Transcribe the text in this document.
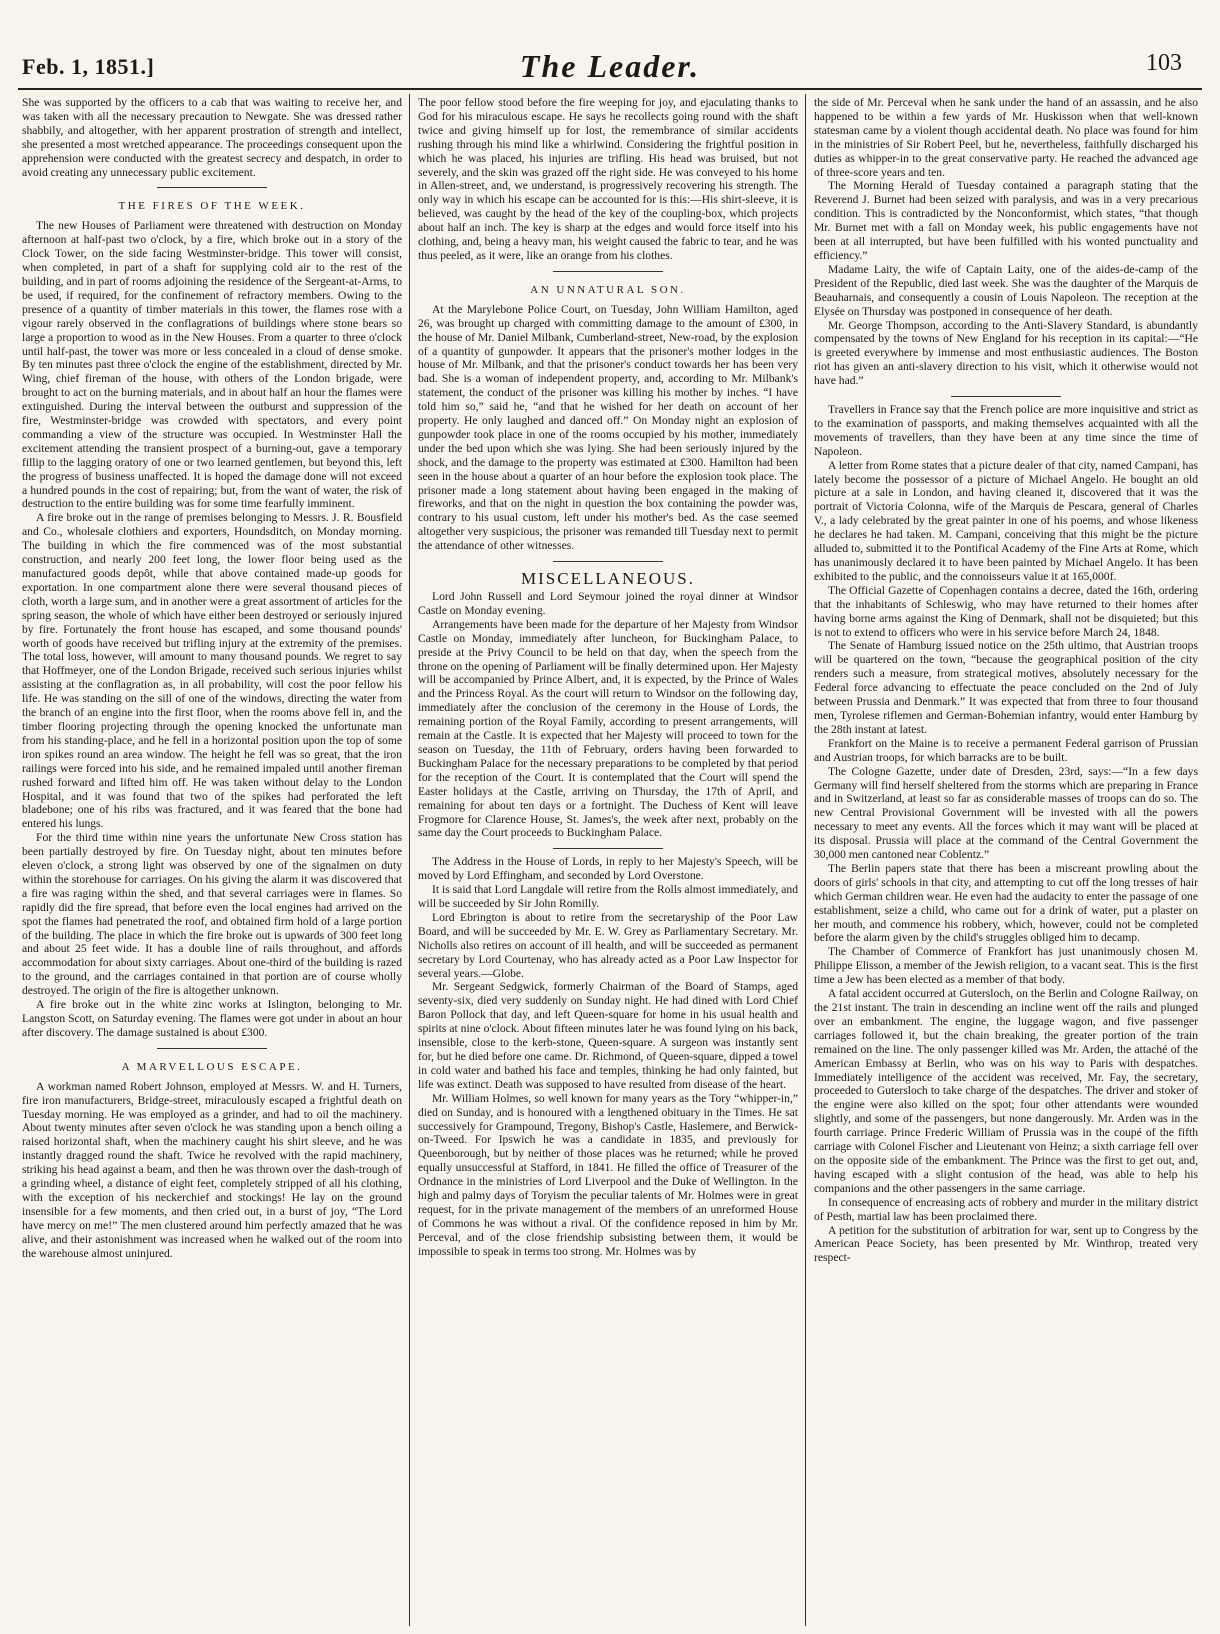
Feb. 1, 1851.]	The Leader.	103

She was supported by the officers to a cab that was waiting to receive her, and was taken with all the necessary precaution to Newgate. She was dressed rather shabbily, and altogether, with her apparent prostration of strength and intellect, she presented a most wretched appearance. The proceedings consequent upon the apprehension were conducted with the greatest secrecy and despatch, in order to avoid creating any unnecessary public excitement.

THE FIRES OF THE WEEK.

The new Houses of Parliament were threatened with destruction on Monday afternoon at half-past two o'clock, by a fire, which broke out in a story of the Clock Tower, on the side facing Westminster-bridge. This tower will consist, when completed, in part of a shaft for supplying cold air to the rest of the building, and in part of rooms adjoining the residence of the Sergeant-at-Arms, to be used, if required, for the confinement of refractory members. Owing to the presence of a quantity of timber materials in this tower, the flames rose with a vigour rarely observed in the conflagrations of buildings where stone bears so large a proportion to wood as in the New Houses. From a quarter to three o'clock until half-past, the tower was more or less concealed in a cloud of dense smoke. By ten minutes past three o'clock the engine of the establishment, directed by Mr. Wing, chief fireman of the house, with others of the London brigade, were brought to act on the burning materials, and in about half an hour the flames were extinguished. During the interval between the outburst and suppression of the fire, Westminster-bridge was crowded with spectators, and every point commanding a view of the structure was occupied. In Westminster Hall the excitement attending the transient prospect of a burning-out, gave a temporary fillip to the lagging oratory of one or two learned gentlemen, but beyond this, left the progress of business unaffected. It is hoped the damage done will not exceed a hundred pounds in the cost of repairing; but, from the want of water, the risk of destruction to the entire building was for some time fearfully imminent.

A fire broke out in the range of premises belonging to Messrs. J. R. Bousfield and Co., wholesale clothiers and exporters, Houndsditch, on Monday morning. The building in which the fire commenced was of the most substantial construction, and nearly 200 feet long, the lower floor being used as the manufactured goods depôt, while that above contained made-up goods for exportation. In one compartment alone there were several thousand pieces of cloth, worth a large sum, and in another were a great assortment of articles for the spring season, the whole of which have either been destroyed or seriously injured by fire. Fortunately the front house has escaped, and some thousand pounds' worth of goods have received but trifling injury at the extremity of the premises. The total loss, however, will amount to many thousand pounds. We regret to say that Hoffmeyer, one of the London Brigade, received such serious injuries whilst assisting at the conflagration as, in all probability, will cost the poor fellow his life. He was standing on the sill of one of the windows, directing the water from the branch of an engine into the first floor, when the rooms above fell in, and the timber flooring projecting through the opening knocked the unfortunate man from his standing-place, and he fell in a horizontal position upon the top of some iron spikes round an area window. The height he fell was so great, that the iron railings were forced into his side, and he remained impaled until another fireman rushed forward and lifted him off. He was taken without delay to the London Hospital, and it was found that two of the spikes had perforated the left bladebone; one of his ribs was fractured, and it was feared that the bone had entered his lungs.

For the third time within nine years the unfortunate New Cross station has been partially destroyed by fire. On Tuesday night, about ten minutes before eleven o'clock, a strong light was observed by one of the signalmen on duty within the storehouse for carriages. On his giving the alarm it was discovered that a fire was raging within the shed, and that several carriages were in flames. So rapidly did the fire spread, that before even the local engines had arrived on the spot the flames had penetrated the roof, and obtained firm hold of a large portion of the building. The place in which the fire broke out is upwards of 300 feet long and about 25 feet wide. It has a double line of rails throughout, and affords accommodation for about sixty carriages. About one-third of the building is razed to the ground, and the carriages contained in that portion are of course wholly destroyed. The origin of the fire is altogether unknown.

A fire broke out in the white zinc works at Islington, belonging to Mr. Langston Scott, on Saturday evening. The flames were got under in about an hour after discovery. The damage sustained is about £300.

A MARVELLOUS ESCAPE.

A workman named Robert Johnson, employed at Messrs. W. and H. Turners, fire iron manufacturers, Bridge-street, miraculously escaped a frightful death on Tuesday morning. He was employed as a grinder, and had to oil the machinery. About twenty minutes after seven o'clock he was standing upon a bench oiling a raised horizontal shaft, when the machinery caught his shirt sleeve, and he was instantly dragged round the shaft. Twice he revolved with the rapid machinery, striking his head against a beam, and then he was thrown over the dash-trough of a grinding wheel, a distance of eight feet, completely stripped of all his clothing, with the exception of his neckerchief and stockings! He lay on the ground insensible for a few moments, and then cried out, in a burst of joy, “The Lord have mercy on me!” The men clustered around him perfectly amazed that he was alive, and their astonishment was increased when he walked out of the room into the warehouse almost uninjured.

The poor fellow stood before the fire weeping for joy, and ejaculating thanks to God for his miraculous escape. He says he recollects going round with the shaft twice and giving himself up for lost, the remembrance of similar accidents rushing through his mind like a whirlwind. Considering the frightful position in which he was placed, his injuries are trifling. His head was bruised, but not severely, and the skin was grazed off the right side. He was conveyed to his home in Allen-street, and, we understand, is progressively recovering his strength. The only way in which his escape can be accounted for is this:—His shirt-sleeve, it is believed, was caught by the head of the key of the coupling-box, which projects about half an inch. The key is sharp at the edges and would force itself into his clothing, and, being a heavy man, his weight caused the fabric to tear, and he was thus peeled, as it were, like an orange from his clothes.

AN UNNATURAL SON.

At the Marylebone Police Court, on Tuesday, John William Hamilton, aged 26, was brought up charged with committing damage to the amount of £300, in the house of Mr. Daniel Milbank, Cumberland-street, New-road, by the explosion of a quantity of gunpowder. It appears that the prisoner's mother lodges in the house of Mr. Milbank, and that the prisoner's conduct towards her has been very bad. She is a woman of independent property, and, according to Mr. Milbank's statement, the conduct of the prisoner was killing his mother by inches. “I have told him so,” said he, “and that he wished for her death on account of her property. He only laughed and danced off.” On Monday night an explosion of gunpowder took place in one of the rooms occupied by his mother, immediately under the bed upon which she was lying. She had been seriously injured by the shock, and the damage to the property was estimated at £300. Hamilton had been seen in the house about a quarter of an hour before the explosion took place. The prisoner made a long statement about having been engaged in the making of fireworks, and that on the night in question the box containing the powder was, contrary to his usual custom, left under his mother's bed. As the case seemed altogether very suspicious, the prisoner was remanded till Tuesday next to permit the attendance of other witnesses.

MISCELLANEOUS.

Lord John Russell and Lord Seymour joined the royal dinner at Windsor Castle on Monday evening.

Arrangements have been made for the departure of her Majesty from Windsor Castle on Monday, immediately after luncheon, for Buckingham Palace, to preside at the Privy Council to be held on that day, when the speech from the throne on the opening of Parliament will be finally determined upon. Her Majesty will be accompanied by Prince Albert, and, it is expected, by the Prince of Wales and the Princess Royal. As the court will return to Windsor on the following day, immediately after the conclusion of the ceremony in the House of Lords, the remaining portion of the Royal Family, according to present arrangements, will remain at the Castle. It is expected that her Majesty will proceed to town for the season on Tuesday, the 11th of February, orders having been forwarded to Buckingham Palace for the necessary preparations to be completed by that period for the reception of the Court. It is contemplated that the Court will spend the Easter holidays at the Castle, arriving on Thursday, the 17th of April, and remaining for about ten days or a fortnight. The Duchess of Kent will leave Frogmore for Clarence House, St. James's, the week after next, probably on the same day the Court proceeds to Buckingham Palace.

The Address in the House of Lords, in reply to her Majesty's Speech, will be moved by Lord Effingham, and seconded by Lord Overstone.

It is said that Lord Langdale will retire from the Rolls almost immediately, and will be succeeded by Sir John Romilly.

Lord Ebrington is about to retire from the secretaryship of the Poor Law Board, and will be succeeded by Mr. E. W. Grey as Parliamentary Secretary. Mr. Nicholls also retires on account of ill health, and will be succeeded as permanent secretary by Lord Courtenay, who has already acted as a Poor Law Inspector for several years.—Globe.

Mr. Sergeant Sedgwick, formerly Chairman of the Board of Stamps, aged seventy-six, died very suddenly on Sunday night. He had dined with Lord Chief Baron Pollock that day, and left Queen-square for home in his usual health and spirits at nine o'clock. About fifteen minutes later he was found lying on his back, insensible, close to the kerb-stone, Queen-square. A surgeon was instantly sent for, but he died before one came. Dr. Richmond, of Queen-square, dipped a towel in cold water and bathed his face and temples, thinking he had only fainted, but life was extinct. Death was supposed to have resulted from disease of the heart.

Mr. William Holmes, so well known for many years as the Tory “whipper-in,” died on Sunday, and is honoured with a lengthened obituary in the Times. He sat successively for Grampound, Tregony, Bishop's Castle, Haslemere, and Berwick-on-Tweed. For Ipswich he was a candidate in 1835, and previously for Queenborough, but by neither of those places was he returned; while he proved equally unsuccessful at Stafford, in 1841. He filled the office of Treasurer of the Ordnance in the ministries of Lord Liverpool and the Duke of Wellington. In the high and palmy days of Toryism the peculiar talents of Mr. Holmes were in great request, for in the private management of the members of an unreformed House of Commons he was without a rival. Of the confidence reposed in him by Mr. Perceval, and of the close friendship subsisting between them, it would be impossible to speak in terms too strong. Mr. Holmes was by

the side of Mr. Perceval when he sank under the hand of an assassin, and he also happened to be within a few yards of Mr. Huskisson when that well-known statesman came by a violent though accidental death. No place was found for him in the ministries of Sir Robert Peel, but he, nevertheless, faithfully discharged his duties as whipper-in to the great conservative party. He reached the advanced age of three-score years and ten.

The Morning Herald of Tuesday contained a paragraph stating that the Reverend J. Burnet had been seized with paralysis, and was in a very precarious condition. This is contradicted by the Nonconformist, which states, “that though Mr. Burnet met with a fall on Monday week, his public engagements have not been at all interrupted, but have been fulfilled with his wonted punctuality and efficiency.”

Madame Laity, the wife of Captain Laity, one of the aides-de-camp of the President of the Republic, died last week. She was the daughter of the Marquis de Beauharnais, and consequently a cousin of Louis Napoleon. The reception at the Elysée on Thursday was postponed in consequence of her death.

Mr. George Thompson, according to the Anti-Slavery Standard, is abundantly compensated by the towns of New England for his reception in its capital:—“He is greeted everywhere by immense and most enthusiastic audiences. The Boston riot has given an anti-slavery direction to his visit, which it otherwise would not have had.”

Travellers in France say that the French police are more inquisitive and strict as to the examination of passports, and making themselves acquainted with all the movements of travellers, than they have been at any time since the time of Napoleon.

A letter from Rome states that a picture dealer of that city, named Campani, has lately become the possessor of a picture of Michael Angelo. He bought an old picture at a sale in London, and having cleaned it, discovered that it was the portrait of Victoria Colonna, wife of the Marquis de Pescara, general of Charles V., a lady celebrated by the great painter in one of his poems, and whose likeness he declares he had taken. M. Campani, conceiving that this might be the picture alluded to, submitted it to the Pontifical Academy of the Fine Arts at Rome, which has unanimously declared it to have been painted by Michael Angelo. It has been exhibited to the public, and the connoisseurs value it at 165,000f.

The Official Gazette of Copenhagen contains a decree, dated the 16th, ordering that the inhabitants of Schleswig, who may have returned to their homes after having borne arms against the King of Denmark, shall not be disquieted; but this is not to extend to officers who were in his service before March 24, 1848.

The Senate of Hamburg issued notice on the 25th ultimo, that Austrian troops will be quartered on the town, “because the geographical position of the city renders such a measure, from strategical motives, absolutely necessary for the Federal force advancing to effectuate the peace concluded on the 2nd of July between Prussia and Denmark.” It was expected that from three to four thousand men, Tyrolese riflemen and German-Bohemian infantry, would enter Hamburg by the 28th instant at latest.

Frankfort on the Maine is to receive a permanent Federal garrison of Prussian and Austrian troops, for which barracks are to be built.

The Cologne Gazette, under date of Dresden, 23rd, says:—“In a few days Germany will find herself sheltered from the storms which are preparing in France and in Switzerland, at least so far as considerable masses of troops can do so. The new Central Provisional Government will be invested with all the powers necessary to meet any events. All the forces which it may want will be placed at its disposal. Prussia will place at the command of the Central Government the 30,000 men cantoned near Coblentz.”

The Berlin papers state that there has been a miscreant prowling about the doors of girls' schools in that city, and attempting to cut off the long tresses of hair which German children wear. He even had the audacity to enter the passage of one establishment, seize a child, who came out for a drink of water, put a plaster on her mouth, and commence his robbery, which, however, could not be completed before the alarm given by the child's struggles obliged him to decamp.

The Chamber of Commerce of Frankfort has just unanimously chosen M. Philippe Elisson, a member of the Jewish religion, to a vacant seat. This is the first time a Jew has been elected as a member of that body.

A fatal accident occurred at Gutersloch, on the Berlin and Cologne Railway, on the 21st instant. The train in descending an incline went off the rails and plunged over an embankment. The engine, the luggage wagon, and five passenger carriages followed it, but the chain breaking, the greater portion of the train remained on the line. The only passenger killed was Mr. Arden, the attaché of the American Embassy at Berlin, who was on his way to Paris with despatches. Immediately intelligence of the accident was received, Mr. Fay, the secretary, proceeded to Gutersloch to take charge of the despatches. The driver and stoker of the engine were also killed on the spot; four other attendants were wounded slightly, and some of the passengers, but none dangerously. Mr. Arden was in the fourth carriage. Prince Frederic William of Prussia was in the coupé of the fifth carriage with Colonel Fischer and Lieutenant von Heinz; a sixth carriage fell over on the opposite side of the embankment. The Prince was the first to get out, and, having escaped with a slight contusion of the head, was able to help his companions and the other passengers in the same carriage.

In consequence of encreasing acts of robbery and murder in the military district of Pesth, martial law has been proclaimed there.

A petition for the substitution of arbitration for war, sent up to Congress by the American Peace Society, has been presented by Mr. Winthrop, treated very respect-
